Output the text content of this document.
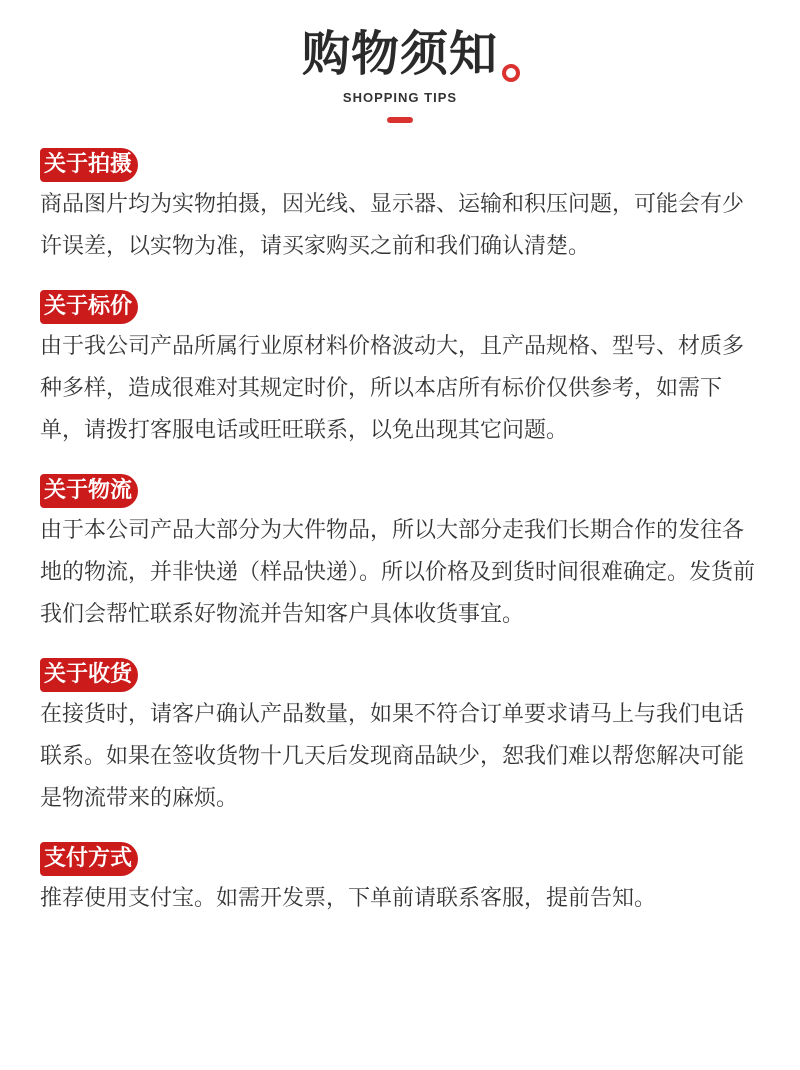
购物须知
SHOPPING TIPS
关于拍摄

商品图片均为实物拍摄，因光线、显示器、运输和积压问题，可能会有少许误差，以实物为准，请买家购买之前和我们确认清楚。

关于标价

由于我公司产品所属行业原材料价格波动大，且产品规格、型号、材质多种多样，造成很难对其规定时价，所以本店所有标价仅供参考，如需下单，请拨打客服电话或旺旺联系，以免出现其它问题。

关于物流

由于本公司产品大部分为大件物品，所以大部分走我们长期合作的发往各地的物流，并非快递（样品快递）。所以价格及到货时间很难确定。发货前我们会帮忙联系好物流并告知客户具体收货事宜。

关于收货

在接货时，请客户确认产品数量，如果不符合订单要求请马上与我们电话联系。如果在签收货物十几天后发现商品缺少，恕我们难以帮您解决可能是物流带来的麻烦。

支付方式

推荐使用支付宝。如需开发票，下单前请联系客服，提前告知。
